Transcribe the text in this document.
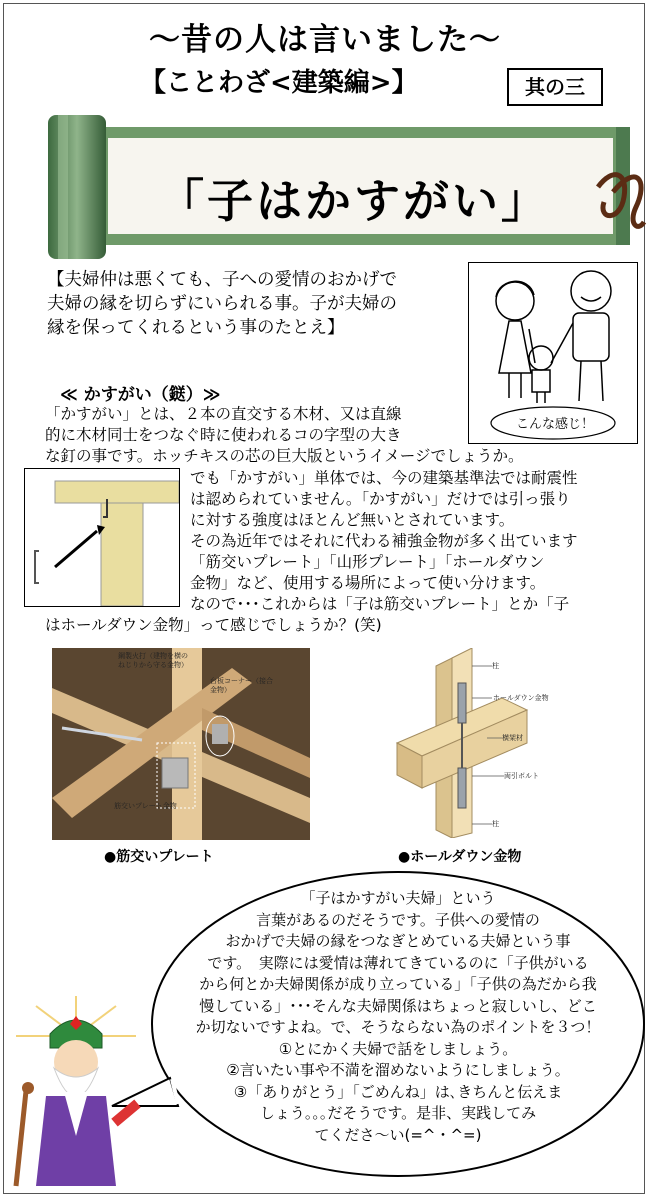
～昔の人は言いました～
【ことわざ<建築編>】	其の三
「子はかすがい」
【夫婦仲は悪くても、子への愛情のおかげで
夫婦の縁を切らずにいられる事。子が夫婦の
縁を保ってくれるという事のたとえ】
こんな感じ！
≪ かすがい（鎹）≫
「かすがい」とは、２本の直交する木材、又は直線
的に木材同士をつなぐ時に使われるコの字型の大き
な釘の事です。ホッチキスの芯の巨大版というイメージでしょうか。
でも「かすがい」単体では、今の建築基準法では耐震性
は認められていません。「かすがい」だけでは引っ張り
に対する強度はほとんど無いとされています。
その為近年ではそれに代わる補強金物が多く出ています
「筋交いプレート」「山形プレート」「ホールダウン
金物」など、使用する場所によって使い分けます。
なので･･･これからは「子は筋交いプレート」とか「子
はホールダウン金物」って感じでしょうか？(笑)
鋼製火打（建物を横の
ねじりから守る金物）
台板コーナー（接合
金物）
筋交いプレート金物
●筋交いプレート
柱
ホールダウン金物
横架材
両引ボルト
柱
●ホールダウン金物
「子はかすがい夫婦」という
言葉があるのだそうです。子供への愛情の
おかげで夫婦の縁をつなぎとめている夫婦という事
です。　実際には愛情は薄れてきているのに「子供がいる
から何とか夫婦関係が成り立っている」「子供の為だから我
慢している」･･･そんな夫婦関係はちょっと寂しいし、どこ
か切ないですよね。で、そうならない為のポイントを３つ！
①とにかく夫婦で話をしましょう。
②言いたい事や不満を溜めないようにしましょう。
③「ありがとう」「ごめんね」は､きちんと伝えま
しょう｡｡｡だそうです。是非、実践してみ
てくださ～い(=^・^=)
